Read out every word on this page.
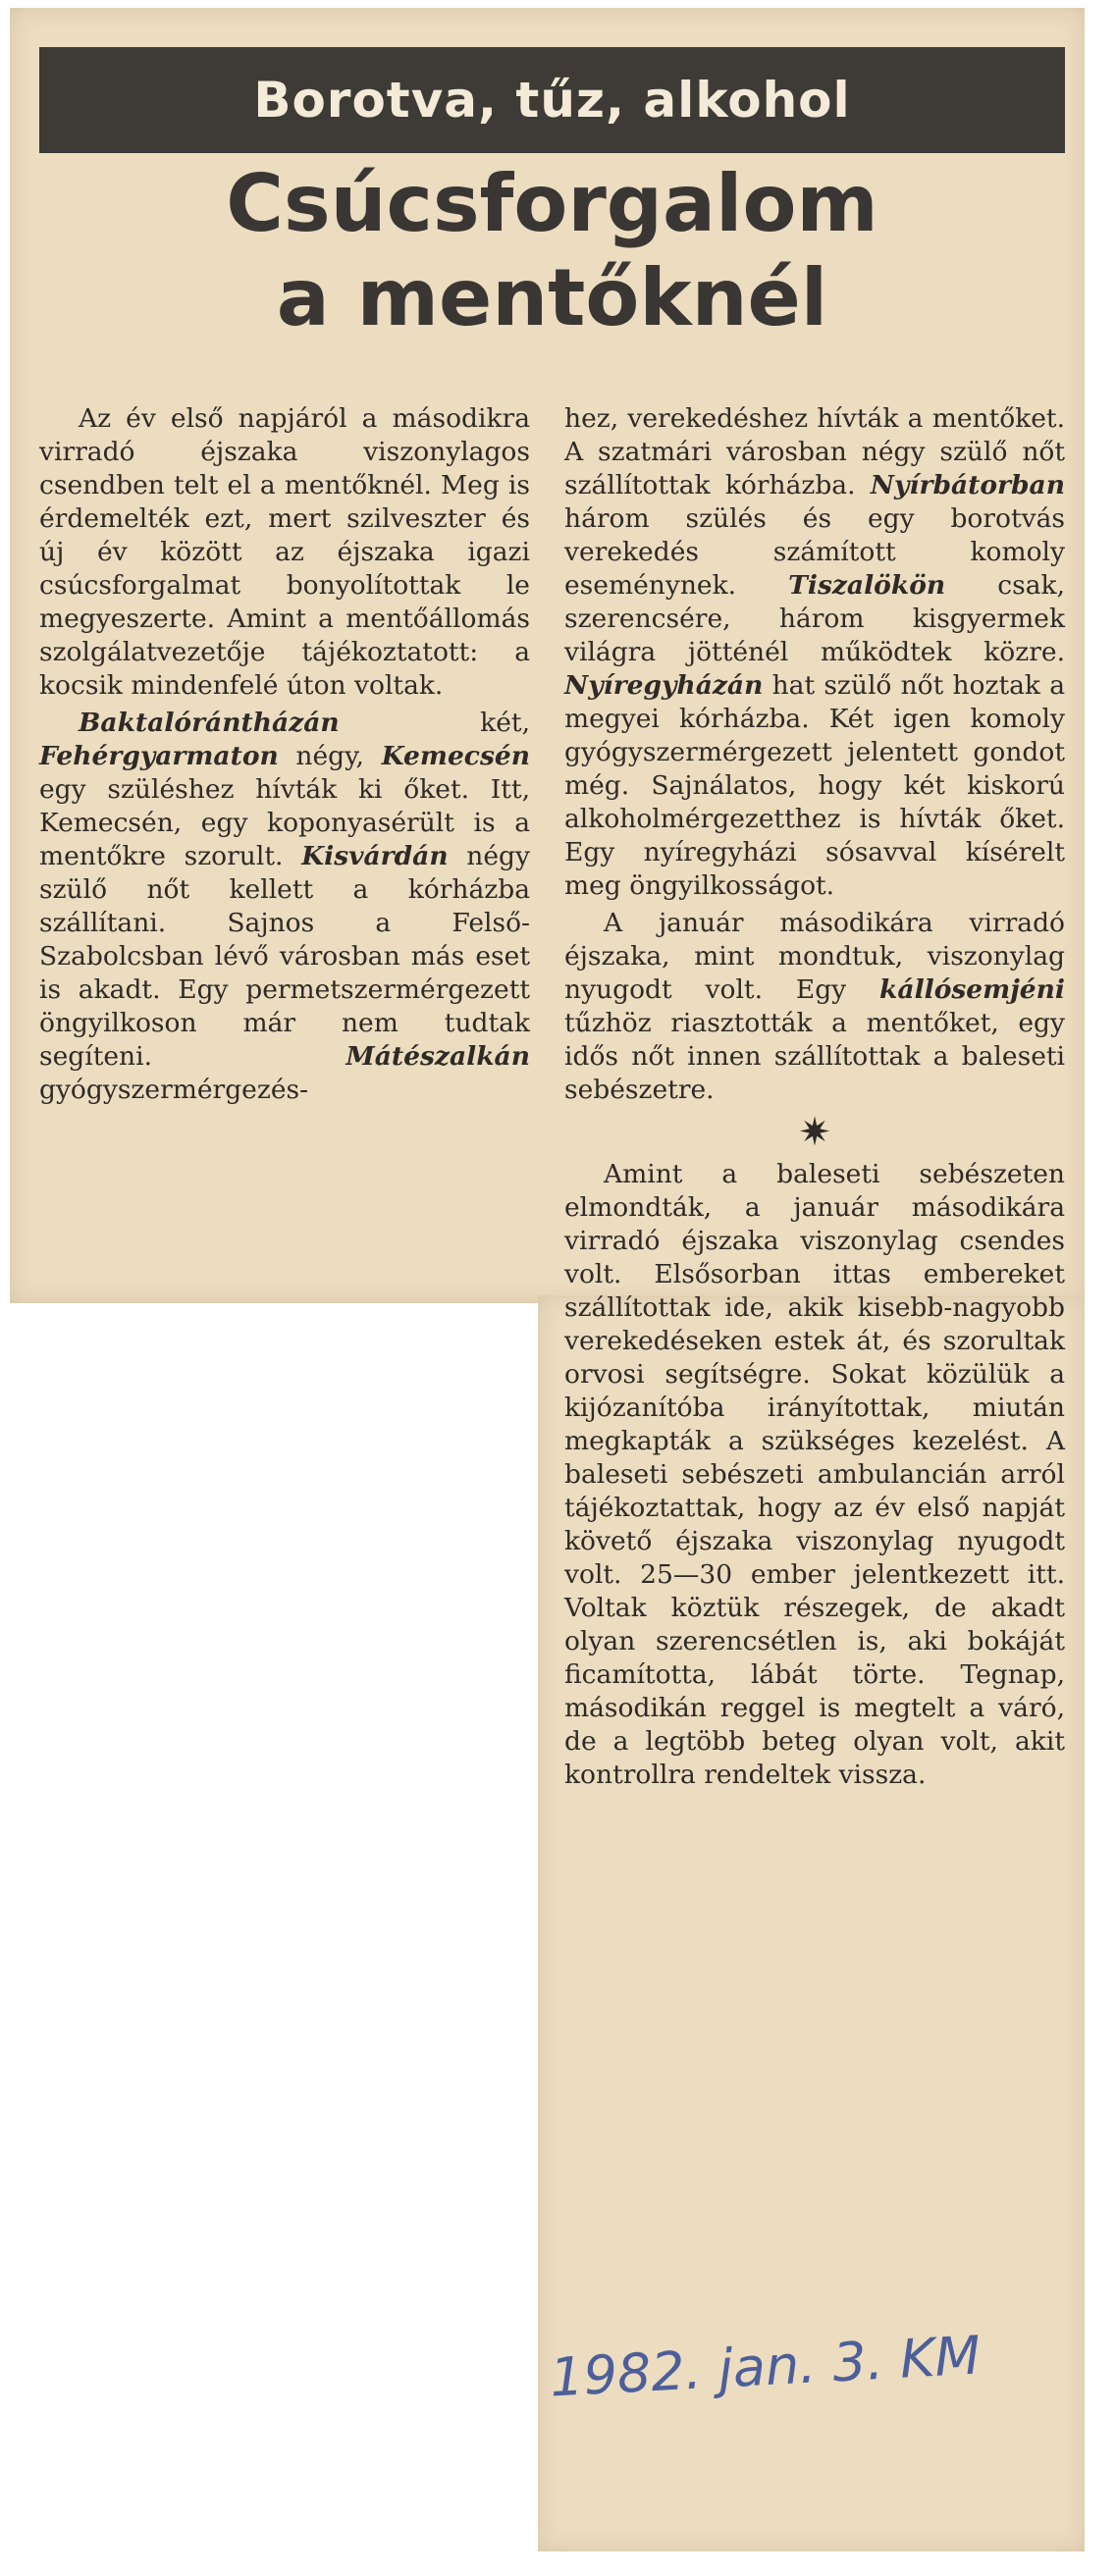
Borotva, tűz, alkohol
Csúcsforgalom
a mentőknél

Az év első napjáról a másodikra virradó éjszaka viszonylagos csendben telt el a mentőknél. Meg is érdemelték ezt, mert szilveszter és új év között az éjszaka igazi csúcsforgalmat bonyolítottak le megyeszerte. Amint a mentőállomás szolgálatvezetője tájékoztatott: a kocsik mindenfelé úton voltak.

Baktalórántházán két, Fehérgyarmaton négy, Kemecsén egy szüléshez hívták ki őket. Itt, Kemecsén, egy koponyasérült is a mentőkre szorult. Kisvárdán négy szülő nőt kellett a kórházba szállítani. Sajnos a Felső-Szabolcsban lévő városban más eset is akadt. Egy permetszermérgezett öngyilkoson már nem tudtak segíteni. Mátészalkán gyógyszermérgezés-

hez, verekedéshez hívták a mentőket. A szatmári városban négy szülő nőt szállítottak kórházba. Nyírbátorban három szülés és egy borotvás verekedés számított komoly eseménynek. Tiszalökön csak, szerencsére, három kisgyermek világra jötténél működtek közre. Nyíregyházán hat szülő nőt hoztak a megyei kórházba. Két igen komoly gyógyszermérgezett jelentett gondot még. Sajnálatos, hogy két kiskorú alkoholmérgezetthez is hívták őket. Egy nyíregyházi sósavval kísérelt meg öngyilkosságot.

A január másodikára virradó éjszaka, mint mondtuk, viszonylag nyugodt volt. Egy kállósemjéni tűzhöz riasztották a mentőket, egy idős nőt innen szállítottak a baleseti sebészetre.

✷

Amint a baleseti sebészeten elmondták, a január másodikára virradó éjszaka viszonylag csendes volt. Elsősorban ittas embereket szállítottak ide, akik kisebb-nagyobb verekedéseken estek át, és szorultak orvosi segítségre. Sokat közülük a kijózanítóba irányítottak, miután megkapták a szükséges kezelést. A baleseti sebészeti ambulancián arról tájékoztattak, hogy az év első napját követő éjszaka viszonylag nyugodt volt. 25—30 ember jelentkezett itt. Voltak köztük részegek, de akadt olyan szerencsétlen is, aki bokáját ficamította, lábát törte. Tegnap, másodikán reggel is megtelt a váró, de a legtöbb beteg olyan volt, akit kontrollra rendeltek vissza.

1982. jan. 3. KM
